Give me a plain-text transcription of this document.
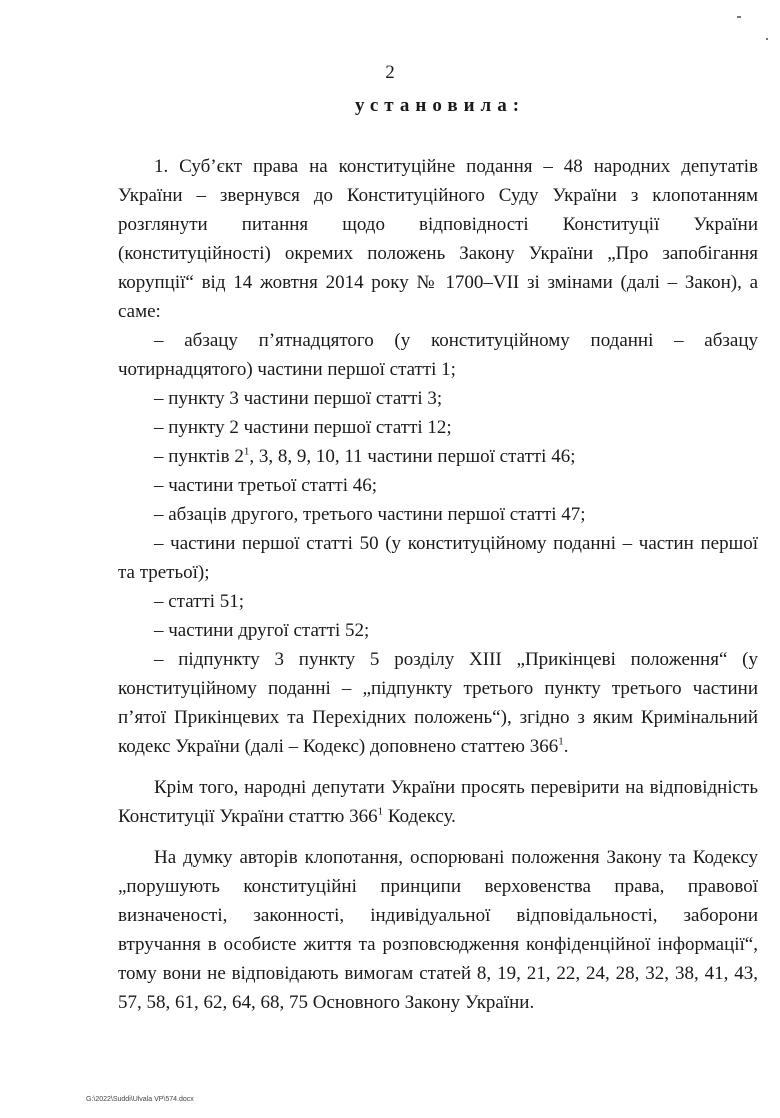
2
установила:

1. Суб’єкт права на конституційне подання – 48 народних депутатів України – звернувся до Конституційного Суду України з клопотанням розглянути питання щодо відповідності Конституції України (конституційності) окремих положень Закону України „Про запобігання корупції“ від 14 жовтня 2014 року № 1700–VII зі змінами (далі – Закон), а саме:

– абзацу п’ятнадцятого (у конституційному поданні – абзацу чотирнадцятого) частини першої статті 1;

– пункту 3 частини першої статті 3;

– пункту 2 частини першої статті 12;

– пунктів $2^1$, 3, 8, 9, 10, 11 частини першої статті 46;

– частини третьої статті 46;

– абзаців другого, третього частини першої статті 47;

– частини першої статті 50 (у конституційному поданні – частин першої та третьої);

– статті 51;

– частини другої статті 52;

– підпункту 3 пункту 5 розділу XIII „Прикінцеві положення“ (у конституційному поданні – „підпункту третього пункту третього частини п’ятої Прикінцевих та Перехідних положень“), згідно з яким Кримінальний кодекс України (далі – Кодекс) доповнено статтею $366^1$.

Крім того, народні депутати України просять перевірити на відповідність Конституції України статтю $366^1$ Кодексу.

На думку авторів клопотання, оспорювані положення Закону та Кодексу „порушують конституційні принципи верховенства права, правової визначеності, законності, індивідуальної відповідальності, заборони втручання в особисте життя та розповсюдження конфіденційної інформації“, тому вони не відповідають вимогам статей 8, 19, 21, 22, 24, 28, 32, 38, 41, 43, 57, 58, 61, 62, 64, 68, 75 Основного Закону України.

G:\2022\Suddi\Ulvala VP\574.docx
